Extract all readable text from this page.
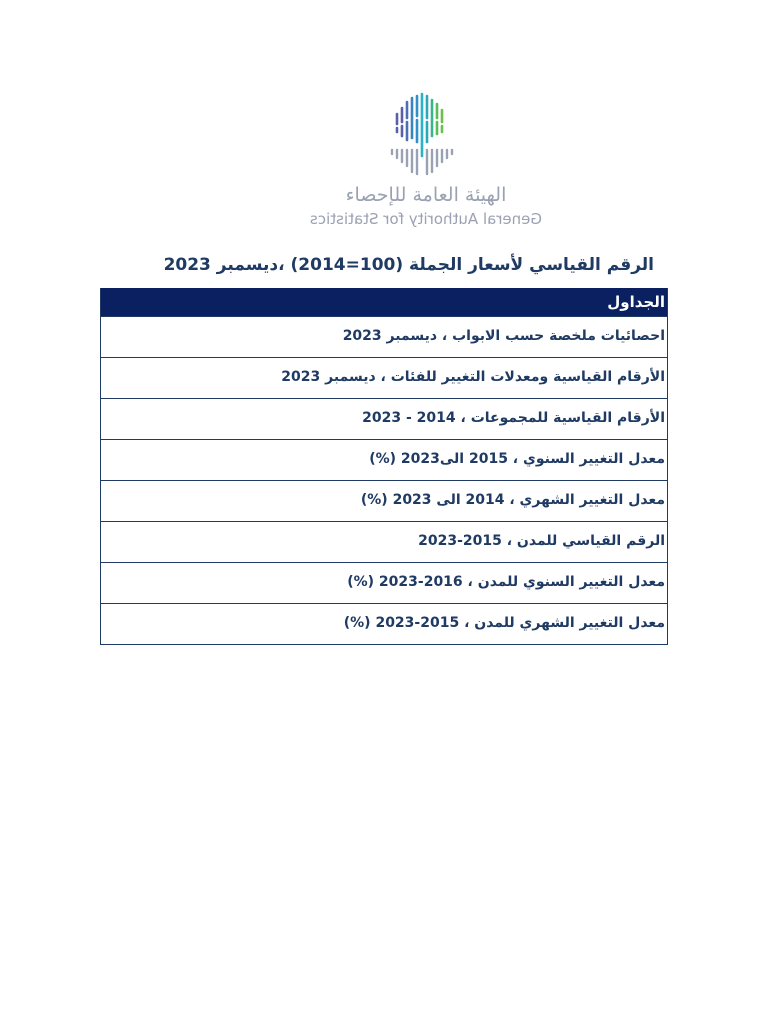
الهيئة العامة للإحصاء
General Authority for Statistics
الرقم القياسي لأسعار الجملة (100=2014) ،ديسمبر 2023
الجداول
احصائيات ملخصة حسب الابواب ، ديسمبر 2023
الأرقام القياسية ومعدلات التغيير للفئات ، ديسمبر 2023
الأرقام القياسية للمجموعات ، 2014 - 2023
معدل التغيير السنوي ، 2015 الى2023 (%)
معدل التغيير الشهري ، 2014 الى 2023 (%)
الرقم القياسي للمدن ، 2015-2023
معدل التغيير السنوي للمدن ، 2016-2023 (%)
معدل التغيير الشهري للمدن ، 2015-2023 (%)
